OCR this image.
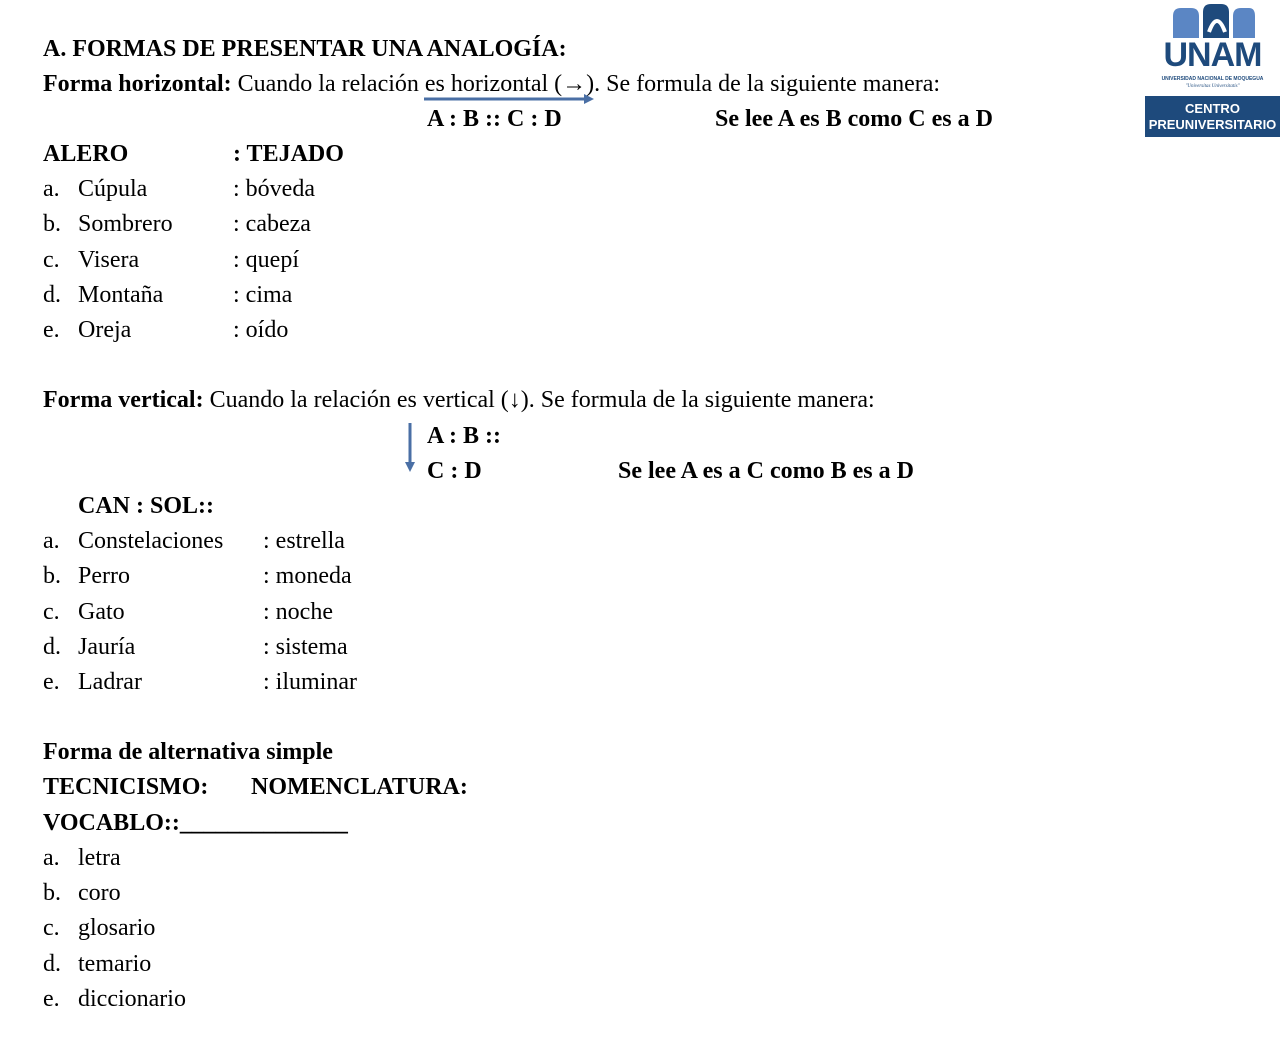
A. FORMAS DE PRESENTAR UNA ANALOGÍA:
Forma horizontal: Cuando la relación es horizontal (→). Se formula de la siguiente manera:
A : B :: C : D	Se lee A es B como C es a D
ALERO	: TEJADO
a. Cúpula	: bóveda
b. Sombrero	: cabeza
c. Visera	: quepí
d. Montaña	: cima
e. Oreja	: oído
Forma vertical: Cuando la relación es vertical (↓). Se formula de la siguiente manera:
A : B ::
C : D	Se lee A es a C como B es a D
CAN : SOL::
a. Constelaciones : estrella
b. Perro	: moneda
c. Gato	: noche
d. Jauría	: sistema
e. Ladrar	: iluminar
Forma de alternativa simple
TECNICISMO: NOMENCLATURA:
VOCABLO::______________
a. letra
b. coro
c. glosario
d. temario
e. diccionario
UNAM
UNIVERSIDAD NACIONAL DE MOQUEGUA
"Universitas Universitatis"
CENTRO
PREUNIVERSITARIO
